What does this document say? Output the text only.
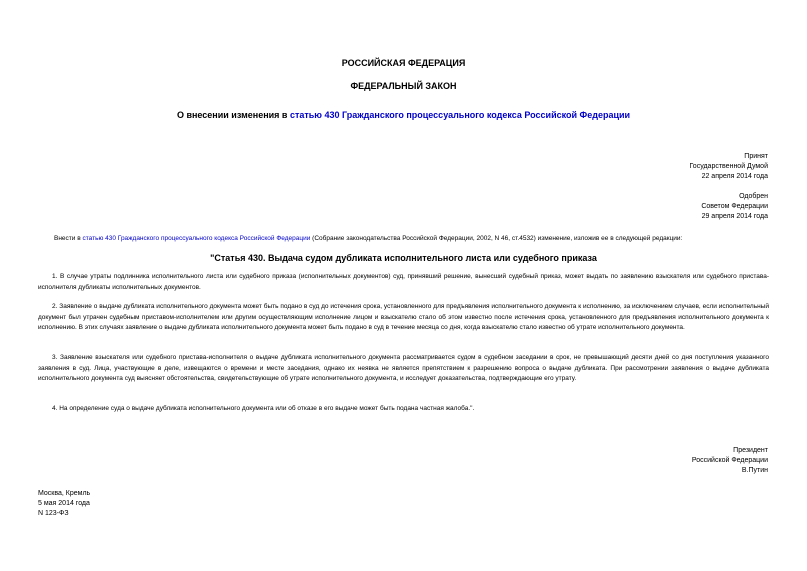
РОССИЙСКАЯ ФЕДЕРАЦИЯ
ФЕДЕРАЛЬНЫЙ ЗАКОН
О внесении изменения в статью 430 Гражданского процессуального кодекса Российской Федерации
Принят
Государственной Думой
22 апреля 2014 года
Одобрен
Советом Федерации
29 апреля 2014 года
Внести в статью 430 Гражданского процессуального кодекса Российской Федерации (Собрание законодательства Российской Федерации, 2002, N 46, ст.4532) изменение, изложив ее в следующей редакции:
"Статья 430. Выдача судом дубликата исполнительного листа или судебного приказа
1. В случае утраты подлинника исполнительного листа или судебного приказа (исполнительных документов) суд, принявший решение, вынесший судебный приказ, может выдать по заявлению взыскателя или судебного пристава-исполнителя дубликаты исполнительных документов.
2. Заявление о выдаче дубликата исполнительного документа может быть подано в суд до истечения срока, установленного для предъявления исполнительного документа к исполнению, за исключением случаев, если исполнительный документ был утрачен судебным приставом-исполнителем или другим осуществляющим исполнение лицом и взыскателю стало об этом известно после истечения срока, установленного для предъявления исполнительного документа к исполнению. В этих случаях заявление о выдаче дубликата исполнительного документа может быть подано в суд в течение месяца со дня, когда взыскателю стало известно об утрате исполнительного документа.
3. Заявление взыскателя или судебного пристава-исполнителя о выдаче дубликата исполнительного документа рассматривается судом в судебном заседании в срок, не превышающий десяти дней со дня поступления указанного заявления в суд. Лица, участвующие в деле, извещаются о времени и месте заседания, однако их неявка не является препятствием к разрешению вопроса о выдаче дубликата. При рассмотрении заявления о выдаче дубликата исполнительного документа суд выясняет обстоятельства, свидетельствующие об утрате исполнительного документа, и исследует доказательства, подтверждающие его утрату.
4. На определение суда о выдаче дубликата исполнительного документа или об отказе в его выдаче может быть подана частная жалоба.".
Президент
Российской Федерации
В.Путин
Москва, Кремль
5 мая 2014 года
N 123-ФЗ
